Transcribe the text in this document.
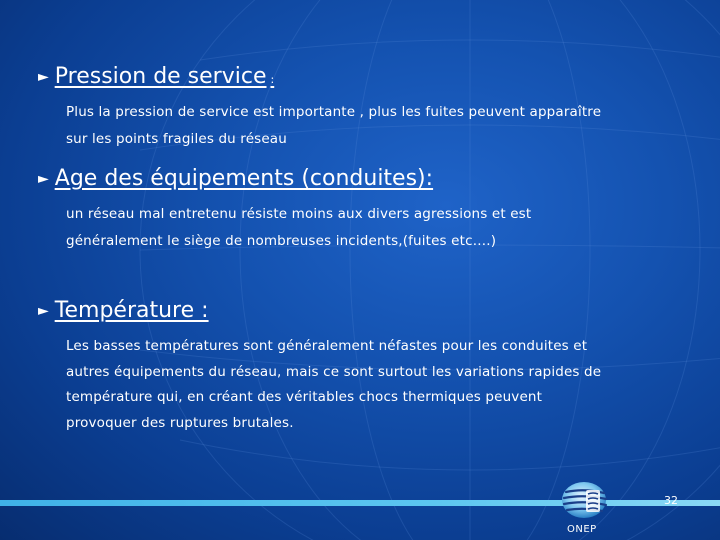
► Pression de service :
Plus la pression de service est importante , plus les fuites peuvent apparaître
sur les points fragiles du réseau
► Age des équipements (conduites):
un réseau mal entretenu résiste moins aux divers agressions et est
généralement le siège de nombreuses incidents,(fuites etc….)
► Température :
Les basses températures sont généralement néfastes pour les conduites et
autres équipements du réseau, mais ce sont surtout les variations rapides de
température qui, en créant des véritables chocs thermiques peuvent
provoquer des ruptures brutales.
ONEP
32
